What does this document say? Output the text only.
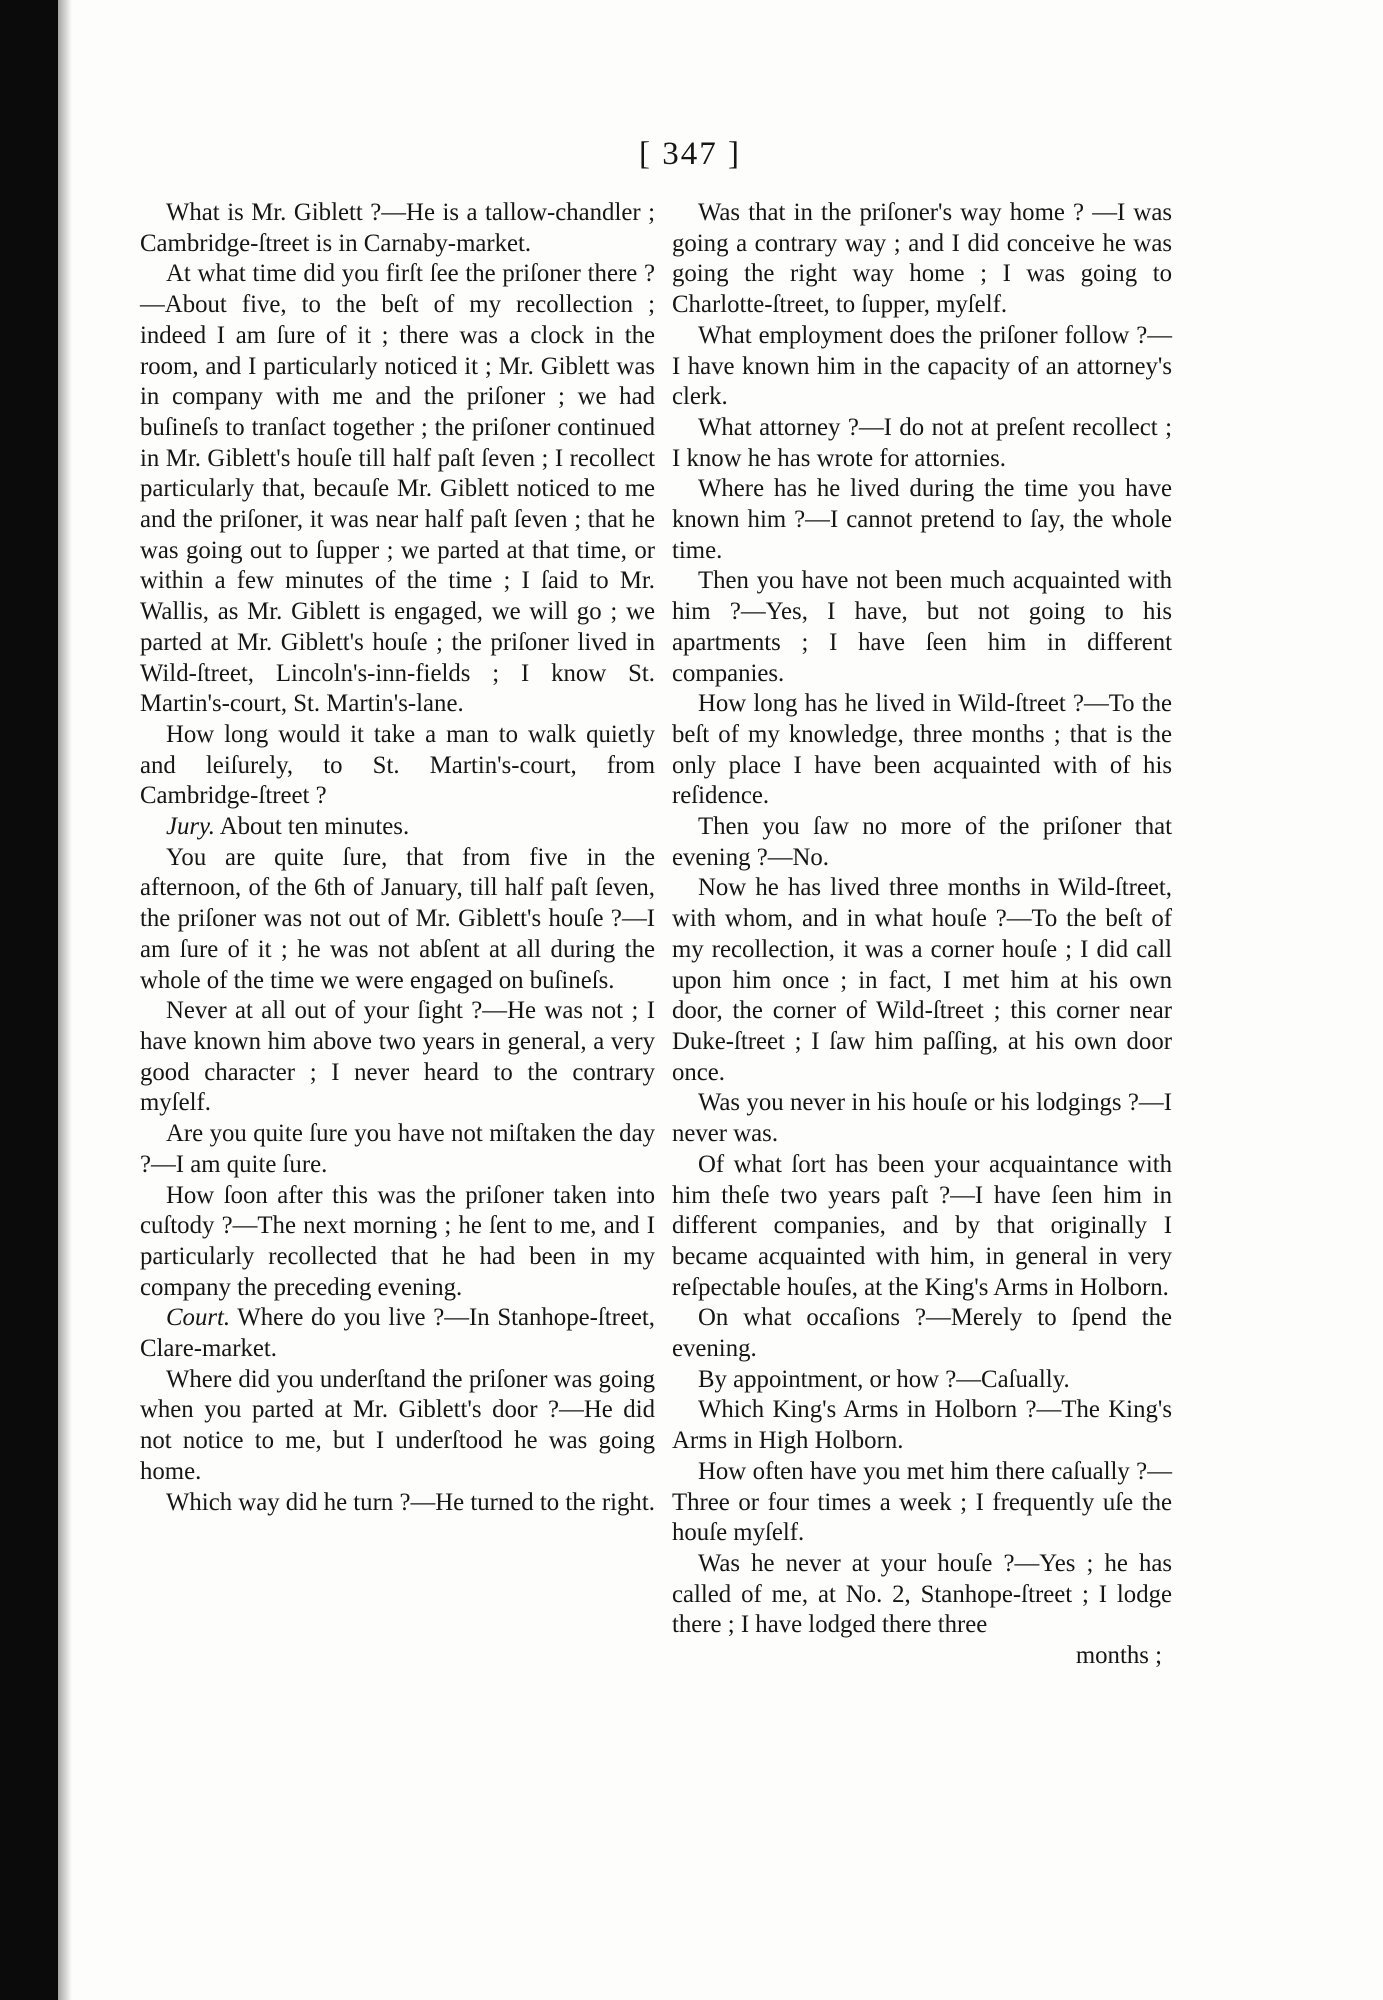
[ 347 ]

What is Mr. Giblett ?—He is a tallow-chandler ; Cambridge-ſtreet is in Carnaby-market.

At what time did you firſt ſee the priſoner there ?—About five, to the beſt of my recollection ; indeed I am ſure of it ; there was a clock in the room, and I particularly noticed it ; Mr. Giblett was in company with me and the priſoner ; we had buſineſs to tranſact together ; the priſoner continued in Mr. Giblett's houſe till half paſt ſeven ; I recollect particularly that, becauſe Mr. Giblett noticed to me and the priſoner, it was near half paſt ſeven ; that he was going out to ſupper ; we parted at that time, or within a few minutes of the time ; I ſaid to Mr. Wallis, as Mr. Giblett is engaged, we will go ; we parted at Mr. Giblett's houſe ; the priſoner lived in Wild-ſtreet, Lincoln's-inn-fields ; I know St. Martin's-court, St. Martin's-lane.

How long would it take a man to walk quietly and leiſurely, to St. Martin's-court, from Cambridge-ſtreet ?

Jury. About ten minutes.

You are quite ſure, that from five in the afternoon, of the 6th of January, till half paſt ſeven, the priſoner was not out of Mr. Giblett's houſe ?—I am ſure of it ; he was not abſent at all during the whole of the time we were engaged on buſineſs.

Never at all out of your ſight ?—He was not ; I have known him above two years in general, a very good character ; I never heard to the contrary myſelf.

Are you quite ſure you have not miſtaken the day ?—I am quite ſure.

How ſoon after this was the priſoner taken into cuſtody ?—The next morning ; he ſent to me, and I particularly recollected that he had been in my company the preceding evening.

Court. Where do you live ?—In Stanhope-ſtreet, Clare-market.

Where did you underſtand the priſoner was going when you parted at Mr. Giblett's door ?—He did not notice to me, but I underſtood he was going home.

Which way did he turn ?—He turned to the right.

Was that in the priſoner's way home ? —I was going a contrary way ; and I did conceive he was going the right way home ; I was going to Charlotte-ſtreet, to ſupper, myſelf.

What employment does the priſoner follow ?—I have known him in the capacity of an attorney's clerk.

What attorney ?—I do not at preſent recollect ; I know he has wrote for attornies.

Where has he lived during the time you have known him ?—I cannot pretend to ſay, the whole time.

Then you have not been much acquainted with him ?—Yes, I have, but not going to his apartments ; I have ſeen him in different companies.

How long has he lived in Wild-ſtreet ?—To the beſt of my knowledge, three months ; that is the only place I have been acquainted with of his reſidence.

Then you ſaw no more of the priſoner that evening ?—No.

Now he has lived three months in Wild-ſtreet, with whom, and in what houſe ?—To the beſt of my recollection, it was a corner houſe ; I did call upon him once ; in fact, I met him at his own door, the corner of Wild-ſtreet ; this corner near Duke-ſtreet ; I ſaw him paſſing, at his own door once.

Was you never in his houſe or his lodgings ?—I never was.

Of what ſort has been your acquaintance with him theſe two years paſt ?—I have ſeen him in different companies, and by that originally I became acquainted with him, in general in very reſpectable houſes, at the King's Arms in Holborn.

On what occaſions ?—Merely to ſpend the evening.

By appointment, or how ?—Caſually.

Which King's Arms in Holborn ?—The King's Arms in High Holborn.

How often have you met him there caſually ?—Three or four times a week ; I frequently uſe the houſe myſelf.

Was he never at your houſe ?—Yes ; he has called of me, at No. 2, Stanhope-ſtreet ; I lodge there ; I have lodged there three

months ;
